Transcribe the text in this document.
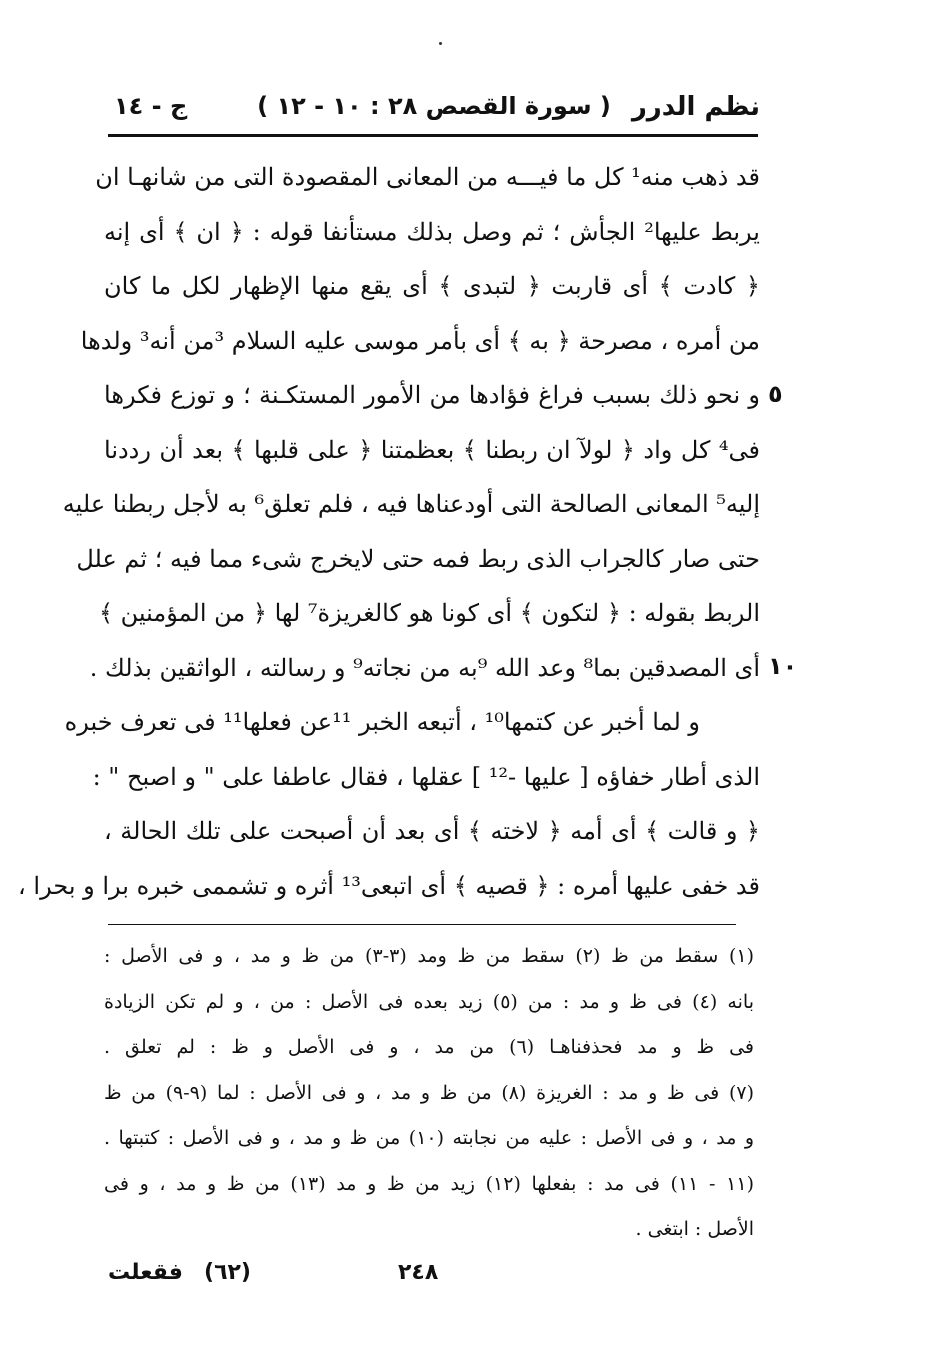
نظم الدرر
( سورة القصص ٢٨ : ١٠ - ١٢ )
ج - ١٤
٥
١٠
قد ذهب منه¹ كل ما فيـــه من المعانى المقصودة التى من شانهـا ان
يربط عليها² الجأش ؛ ثم وصل بذلك مستأنفا قوله : ﴿ ان ﴾ أى إنه
﴿ كادت ﴾ أى قاربت ﴿ لتبدى ﴾ أى يقع منها الإظهار لكل ما كان
من أمره ، مصرحة ﴿ به ﴾ أى بأمر موسى عليه السلام ³من أنه³ ولدها
و نحو ذلك بسبب فراغ فؤادها من الأمور المستكـنة ؛ و توزع فكرها
فى⁴ كل واد ﴿ لولآ ان ربطنا ﴾ بعظمتنا ﴿ على قلبها ﴾ بعد أن رددنا
إليه⁵ المعانى الصالحة التى أودعناها فيه ، فلم تعلق⁶ به لأجل ربطنا عليه
حتى صار كالجراب الذى ربط فمه حتى لايخرج شىء مما فيه ؛ ثم علل
الربط بقوله : ﴿ لتكون ﴾ أى كونا هو كالغريزة⁷ لها ﴿ من المؤمنين ﴾
أى المصدقين بما⁸ وعد الله ⁹به من نجاته⁹ و رسالته ، الواثقين بذلك .
و لما أخبر عن كتمها¹⁰ ، أتبعه الخبر ¹¹عن فعلها¹¹ فى تعرف خبره
الذى أطار خفاؤه [ عليها -¹² ] عقلها ، فقال عاطفا على " و اصبح " :
﴿ و قالت ﴾ أى أمه ﴿ لاخته ﴾ أى بعد أن أصبحت على تلك الحالة ،
قد خفى عليها أمره : ﴿ قصيه ﴾ أى اتبعى¹³ أثره و تشممى خبره برا و بحرا ،
(١) سقط من ظ (٢) سقط من ظ ومد (٣-٣) من ظ و مد ، و فى الأصل :
بانه (٤) فى ظ و مد : من (٥) زيد بعده فى الأصل : من ، و لم تكن الزيادة
فى ظ و مد فحذفناهـا (٦) من مد ، و فى الأصل و ظ : لم تعلق .
(٧) فى ظ و مد : الغريزة (٨) من ظ و مد ، و فى الأصل : لما (٩-٩) من ظ
و مد ، و فى الأصل : عليه من نجابته (١٠) من ظ و مد ، و فى الأصل : كتبتها .
(١١ - ١١) فى مد : بفعلها (١٢) زيد من ظ و مد (١٣) من ظ و مد ، و فى
الأصل : ابتغى .
فقعلت (٦٢)	٢٤٨
